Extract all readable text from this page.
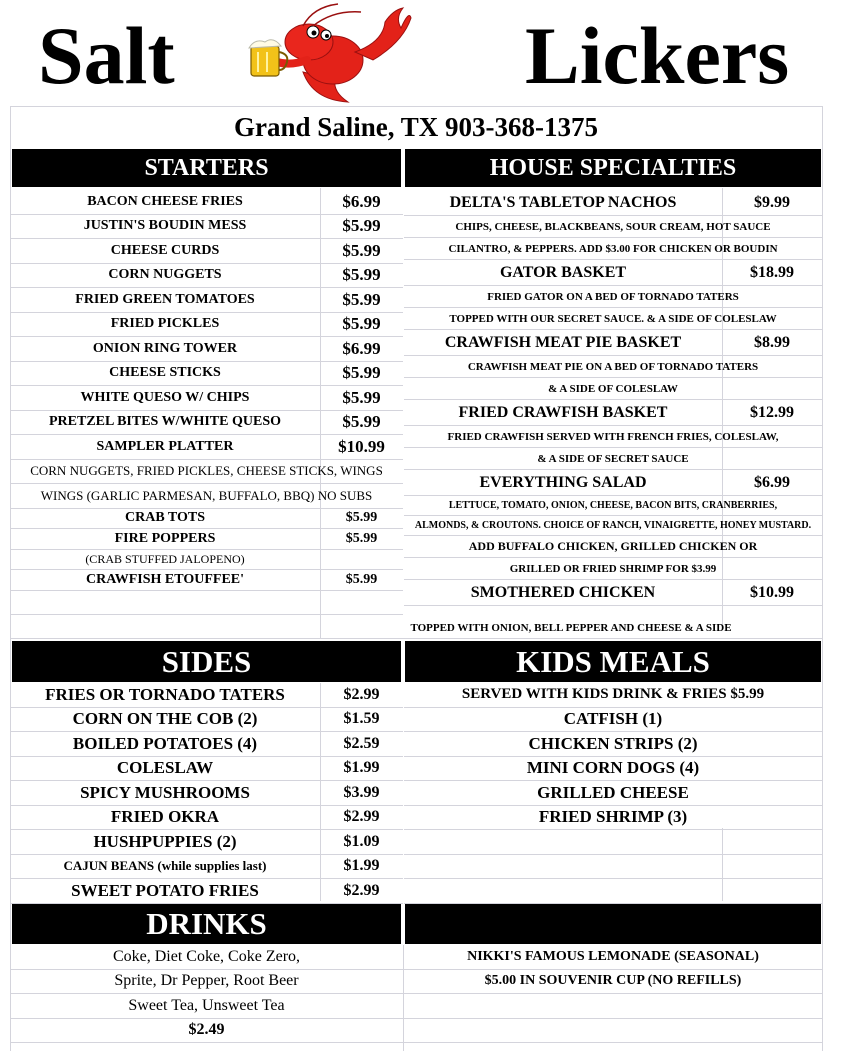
Salt	Lickers
Grand Saline, TX 903-368-1375
STARTERS	HOUSE SPECIALTIES
BACON CHEESE FRIES	$6.99
JUSTIN'S BOUDIN MESS	$5.99
CHEESE CURDS	$5.99
CORN NUGGETS	$5.99
FRIED GREEN TOMATOES	$5.99
FRIED PICKLES	$5.99
ONION RING TOWER	$6.99
CHEESE STICKS	$5.99
WHITE QUESO W/ CHIPS	$5.99
PRETZEL BITES W/WHITE QUESO	$5.99
SAMPLER PLATTER	$10.99
CORN NUGGETS, FRIED PICKLES, CHEESE STICKS, WINGS
WINGS (GARLIC PARMESAN, BUFFALO, BBQ) NO SUBS
CRAB TOTS	$5.99
FIRE POPPERS	$5.99
(CRAB STUFFED JALOPENO)
CRAWFISH ETOUFFEE'	$5.99
DELTA'S TABLETOP NACHOS	$9.99
CHIPS, CHEESE, BLACKBEANS, SOUR CREAM, HOT SAUCE
CILANTRO, & PEPPERS. ADD $3.00 FOR CHICKEN OR BOUDIN
GATOR BASKET	$18.99
FRIED GATOR ON A BED OF TORNADO TATERS
TOPPED WITH OUR SECRET SAUCE. & A SIDE OF COLESLAW
CRAWFISH MEAT PIE BASKET	$8.99
CRAWFISH MEAT PIE ON A BED OF TORNADO TATERS
& A SIDE OF COLESLAW
FRIED CRAWFISH BASKET	$12.99
FRIED CRAWFISH SERVED WITH FRENCH FRIES, COLESLAW,
& A SIDE OF SECRET SAUCE
EVERYTHING SALAD	$6.99
LETTUCE, TOMATO, ONION, CHEESE, BACON BITS, CRANBERRIES,
ALMONDS, & CROUTONS. CHOICE OF RANCH, VINAIGRETTE, HONEY MUSTARD.
ADD BUFFALO CHICKEN, GRILLED CHICKEN OR
GRILLED OR FRIED SHRIMP FOR $3.99
SMOTHERED CHICKEN	$10.99
TOPPED WITH ONION, BELL PEPPER AND CHEESE & A SIDE
SIDES	KIDS MEALS
FRIES OR TORNADO TATERS	$2.99
CORN ON THE COB (2)	$1.59
BOILED POTATOES (4)	$2.59
COLESLAW	$1.99
SPICY MUSHROOMS	$3.99
FRIED OKRA	$2.99
HUSHPUPPIES (2)	$1.09
CAJUN BEANS (while supplies last)	$1.99
SWEET POTATO FRIES	$2.99
SERVED WITH KIDS DRINK & FRIES $5.99
CATFISH (1)
CHICKEN STRIPS (2)
MINI CORN DOGS (4)
GRILLED CHEESE
FRIED SHRIMP (3)
DRINKS
Coke, Diet Coke, Coke Zero,
Sprite, Dr Pepper, Root Beer
Sweet Tea, Unsweet Tea
$2.49
NIKKI'S FAMOUS LEMONADE (SEASONAL)
$5.00 IN SOUVENIR CUP (NO REFILLS)
